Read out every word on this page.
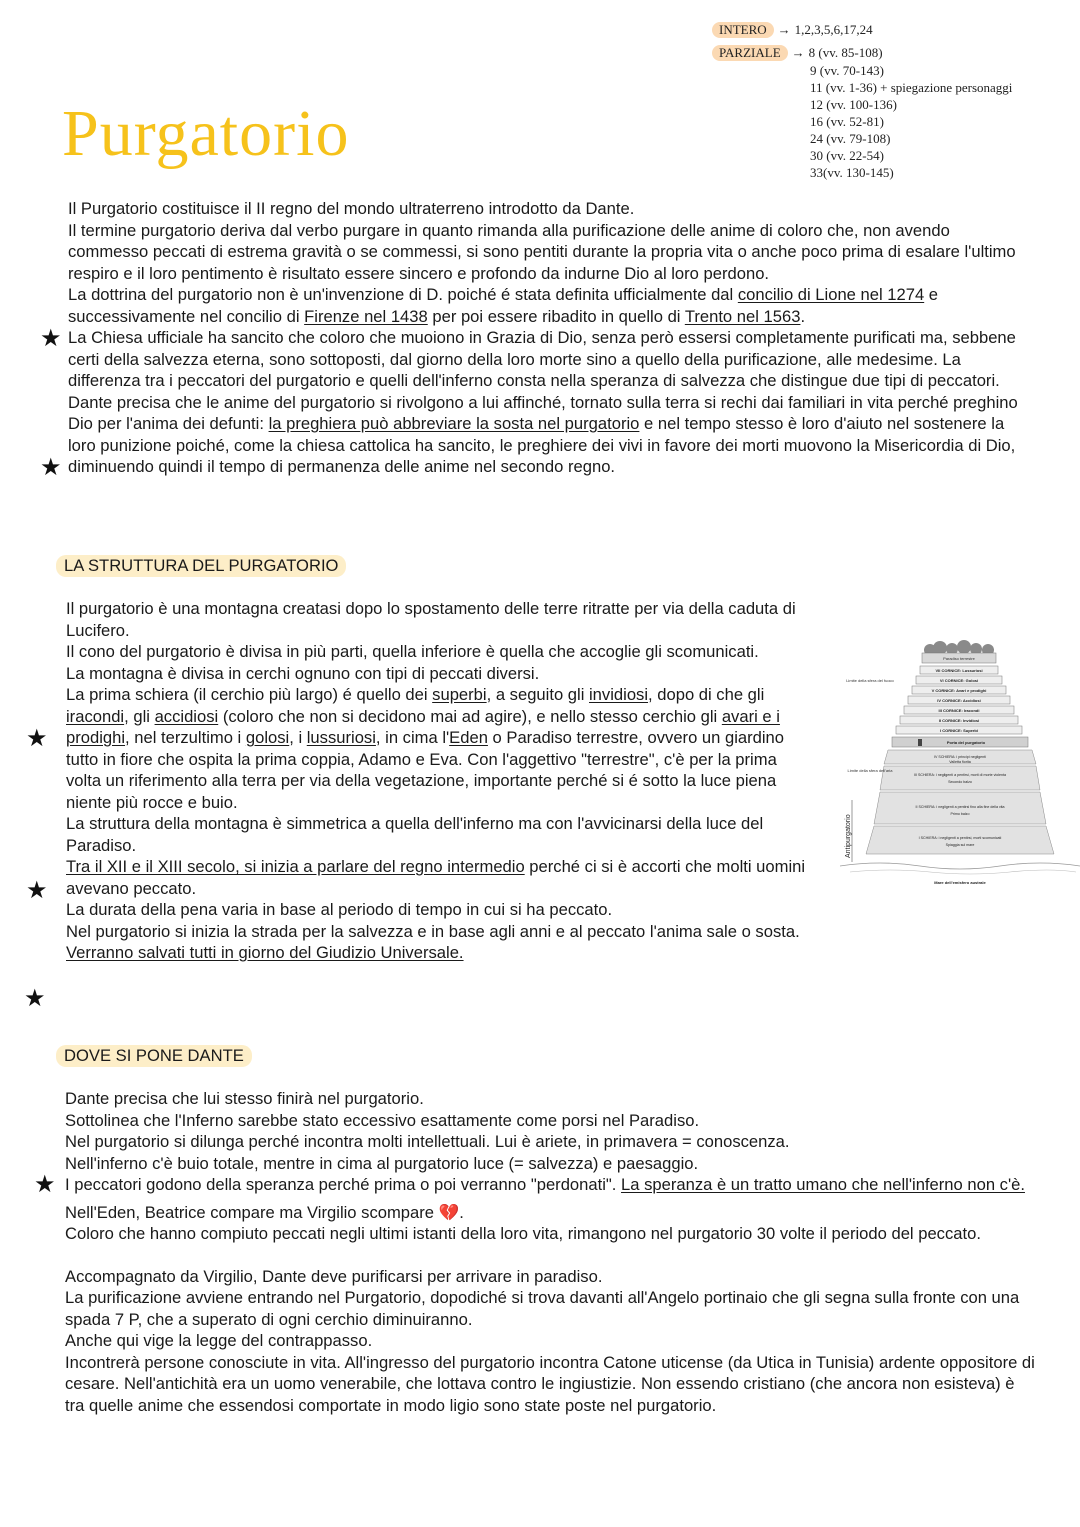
Purgatorio
INTERO → 1,2,3,5,6,17,24
PARZIALE → 8 (vv. 85-108)
9 (vv. 70-143)
11 (vv. 1-36) + spiegazione personaggi
12 (vv. 100-136)
16 (vv. 52-81)
24 (vv. 79-108)
30 (vv. 22-54)
33(vv. 130-145)

Il Purgatorio costituisce il II regno del mondo ultraterreno introdotto da Dante.

Il termine purgatorio deriva dal verbo purgare in quanto rimanda alla purificazione delle anime di coloro che, non avendo commesso peccati di estrema gravità o se commessi, si sono pentiti durante la propria vita o anche poco prima di esalare l'ultimo respiro e il loro pentimento è risultato essere sincero e profondo da indurne Dio al loro perdono.

La dottrina del purgatorio non è un'invenzione di D. poiché é stata definita ufficialmente dal concilio di Lione nel 1274 e successivamente nel concilio di Firenze nel 1438 per poi essere ribadito in quello di Trento nel 1563.

La Chiesa ufficiale ha sancito che coloro che muoiono in Grazia di Dio, senza però essersi completamente purificati ma, sebbene certi della salvezza eterna, sono sottoposti, dal giorno della loro morte sino a quello della purificazione, alle medesime. La differenza tra i peccatori del purgatorio e quelli dell'inferno consta nella speranza di salvezza che distingue due tipi di peccatori. Dante precisa che le anime del purgatorio si rivolgono a lui affinché, tornato sulla terra si rechi dai familiari in vita perché preghino Dio per l'anima dei defunti: la preghiera può abbreviare la sosta nel purgatorio e nel tempo stesso è loro d'aiuto nel sostenere la loro punizione poiché, come la chiesa cattolica ha sancito, le preghiere dei vivi in favore dei morti muovono la Misericordia di Dio, diminuendo quindi il tempo di permanenza delle anime nel secondo regno.

★
★
LA STRUTTURA DEL PURGATORIO

Il purgatorio è una montagna creatasi dopo lo spostamento delle terre ritratte per via della caduta di Lucifero.

Il cono del purgatorio è divisa in più parti, quella inferiore è quella che accoglie gli scomunicati.

La montagna è divisa in cerchi ognuno con tipi di peccati diversi.

La prima schiera (il cerchio più largo) é quello dei superbi, a seguito gli invidiosi, dopo di che gli iracondi, gli accidiosi (coloro che non si decidono mai ad agire), e nello stesso cerchio gli avari e i prodighi, nel terzultimo i golosi, i lussuriosi, in cima l'Eden o Paradiso terrestre, ovvero un giardino tutto in fiore che ospita la prima coppia, Adamo e Eva. Con l'aggettivo "terrestre", c'è per la prima volta un riferimento alla terra per via della vegetazione, importante perché si é sotto la luce piena niente più rocce e buio.

La struttura della montagna è simmetrica a quella dell'inferno ma con l'avvicinarsi della luce del Paradiso.

Tra il XII e il XIII secolo, si inizia a parlare del regno intermedio perché ci si è accorti che molti uomini avevano peccato.

La durata della pena varia in base al periodo di tempo in cui si ha peccato.

Nel purgatorio si inizia la strada per la salvezza e in base agli anni e al peccato l'anima sale o sosta.

Verranno salvati tutti in giorno del Giudizio Universale.

★
★
★
Paradiso terrestre
VII CORNICE: Lussuriosi
VI CORNICE: Golosi
V CORNICE: Avari e prodighi
IV CORNICE: Accidiosi
III CORNICE: Iracondi
II CORNICE: Invidiosi
I CORNICE: Superbi
Porta del purgatorio
IV SCHIERA: i principi negligenti
Valletta fiorita
III SCHIERA: i negligenti a pentirsi, morti di morte violenta
Secondo balzo
II SCHIERA: i negligenti a pentirsi fino alla fine della vita
Primo balzo
I SCHIERA: i negligenti a pentirsi, morti scomunicati
Spiaggia sul mare
Mare dell'emisfero australe
Limite della sfera del fuoco
Limite della sfera dell'aria
Antipurgatorio
DOVE SI PONE DANTE

Dante precisa che lui stesso finirà nel purgatorio.

Sottolinea che l'Inferno sarebbe stato eccessivo esattamente come porsi nel Paradiso.

Nel purgatorio si dilunga perché incontra molti intellettuali. Lui è ariete, in primavera = conoscenza.

Nell'inferno c'è buio totale, mentre in cima al purgatorio luce (= salvezza) e paesaggio.

I peccatori godono della speranza perché prima o poi verranno "perdonati". La speranza è un tratto umano che nell'inferno non c'è.

Nell'Eden, Beatrice compare ma Virgilio scompare 💔.

Coloro che hanno compiuto peccati negli ultimi istanti della loro vita, rimangono nel purgatorio 30 volte il periodo del peccato.

Accompagnato da Virgilio, Dante deve purificarsi per arrivare in paradiso.

La purificazione avviene entrando nel Purgatorio, dopodiché si trova davanti all'Angelo portinaio che gli segna sulla fronte con una spada 7 P, che a superato di ogni cerchio diminuiranno.

Anche qui vige la legge del contrappasso.

Incontrerà persone conosciute in vita. All'ingresso del purgatorio incontra Catone uticense (da Utica in Tunisia) ardente oppositore di cesare. Nell'antichità era un uomo venerabile, che lottava contro le ingiustizie. Non essendo cristiano (che ancora non esisteva) è tra quelle anime che essendosi comportate in modo ligio sono state poste nel purgatorio.

★
